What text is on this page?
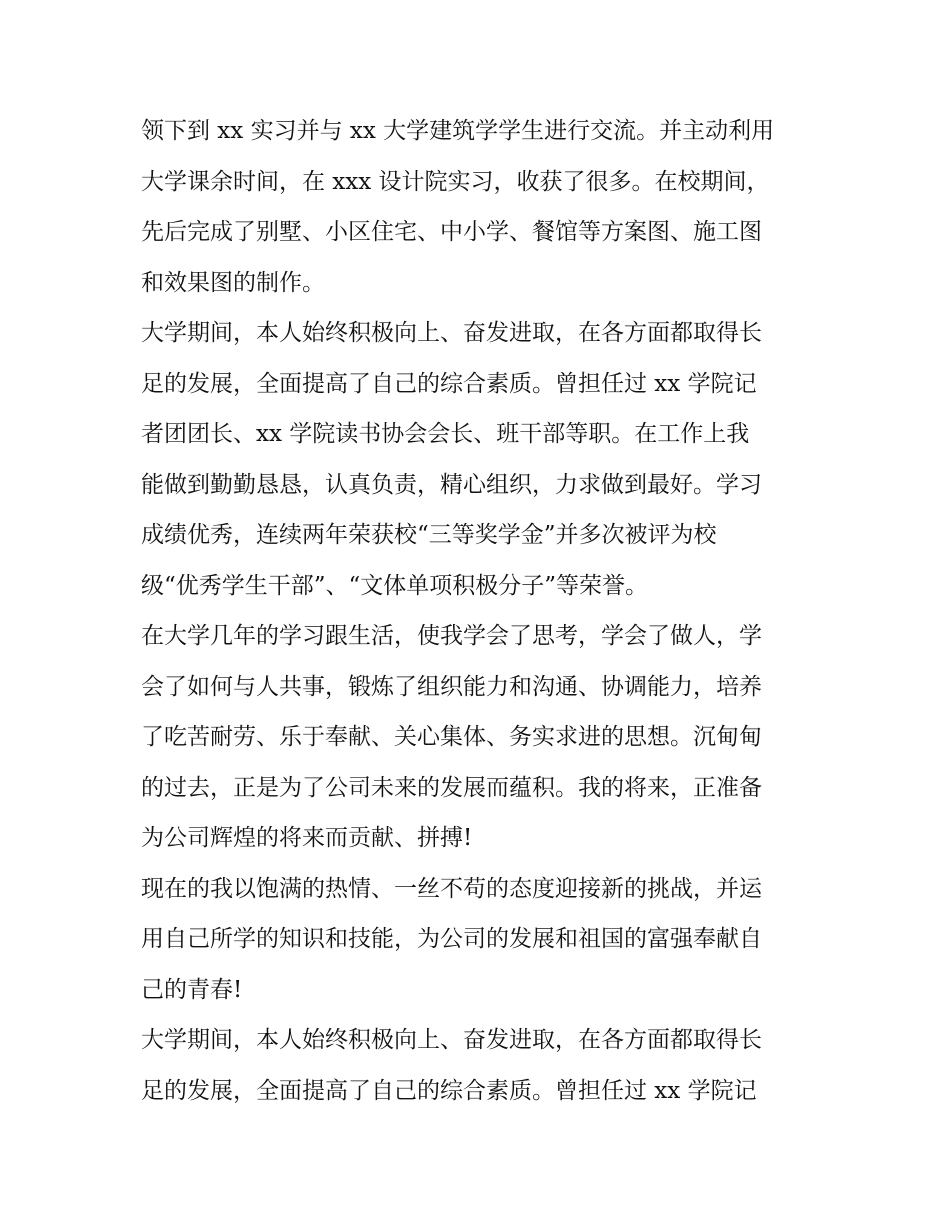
领下到 xx 实习并与 xx 大学建筑学学生进行交流。并主动利用
大学课余时间，在 xxx 设计院实习，收获了很多。在校期间，
先后完成了别墅、小区住宅、中小学、餐馆等方案图、施工图
和效果图的制作。
大学期间，本人始终积极向上、奋发进取，在各方面都取得长
足的发展，全面提高了自己的综合素质。曾担任过 xx 学院记
者团团长、xx 学院读书协会会长、班干部等职。在工作上我
能做到勤勤恳恳，认真负责，精心组织，力求做到最好。学习
成绩优秀，连续两年荣获校“三等奖学金”并多次被评为校
级“优秀学生干部”、“文体单项积极分子”等荣誉。
在大学几年的学习跟生活，使我学会了思考，学会了做人，学
会了如何与人共事，锻炼了组织能力和沟通、协调能力，培养
了吃苦耐劳、乐于奉献、关心集体、务实求进的思想。沉甸甸
的过去，正是为了公司未来的发展而蕴积。我的将来，正准备
为公司辉煌的将来而贡献、拼搏!
现在的我以饱满的热情、一丝不苟的态度迎接新的挑战，并运
用自己所学的知识和技能，为公司的发展和祖国的富强奉献自
己的青春!
大学期间，本人始终积极向上、奋发进取，在各方面都取得长
足的发展，全面提高了自己的综合素质。曾担任过 xx 学院记
